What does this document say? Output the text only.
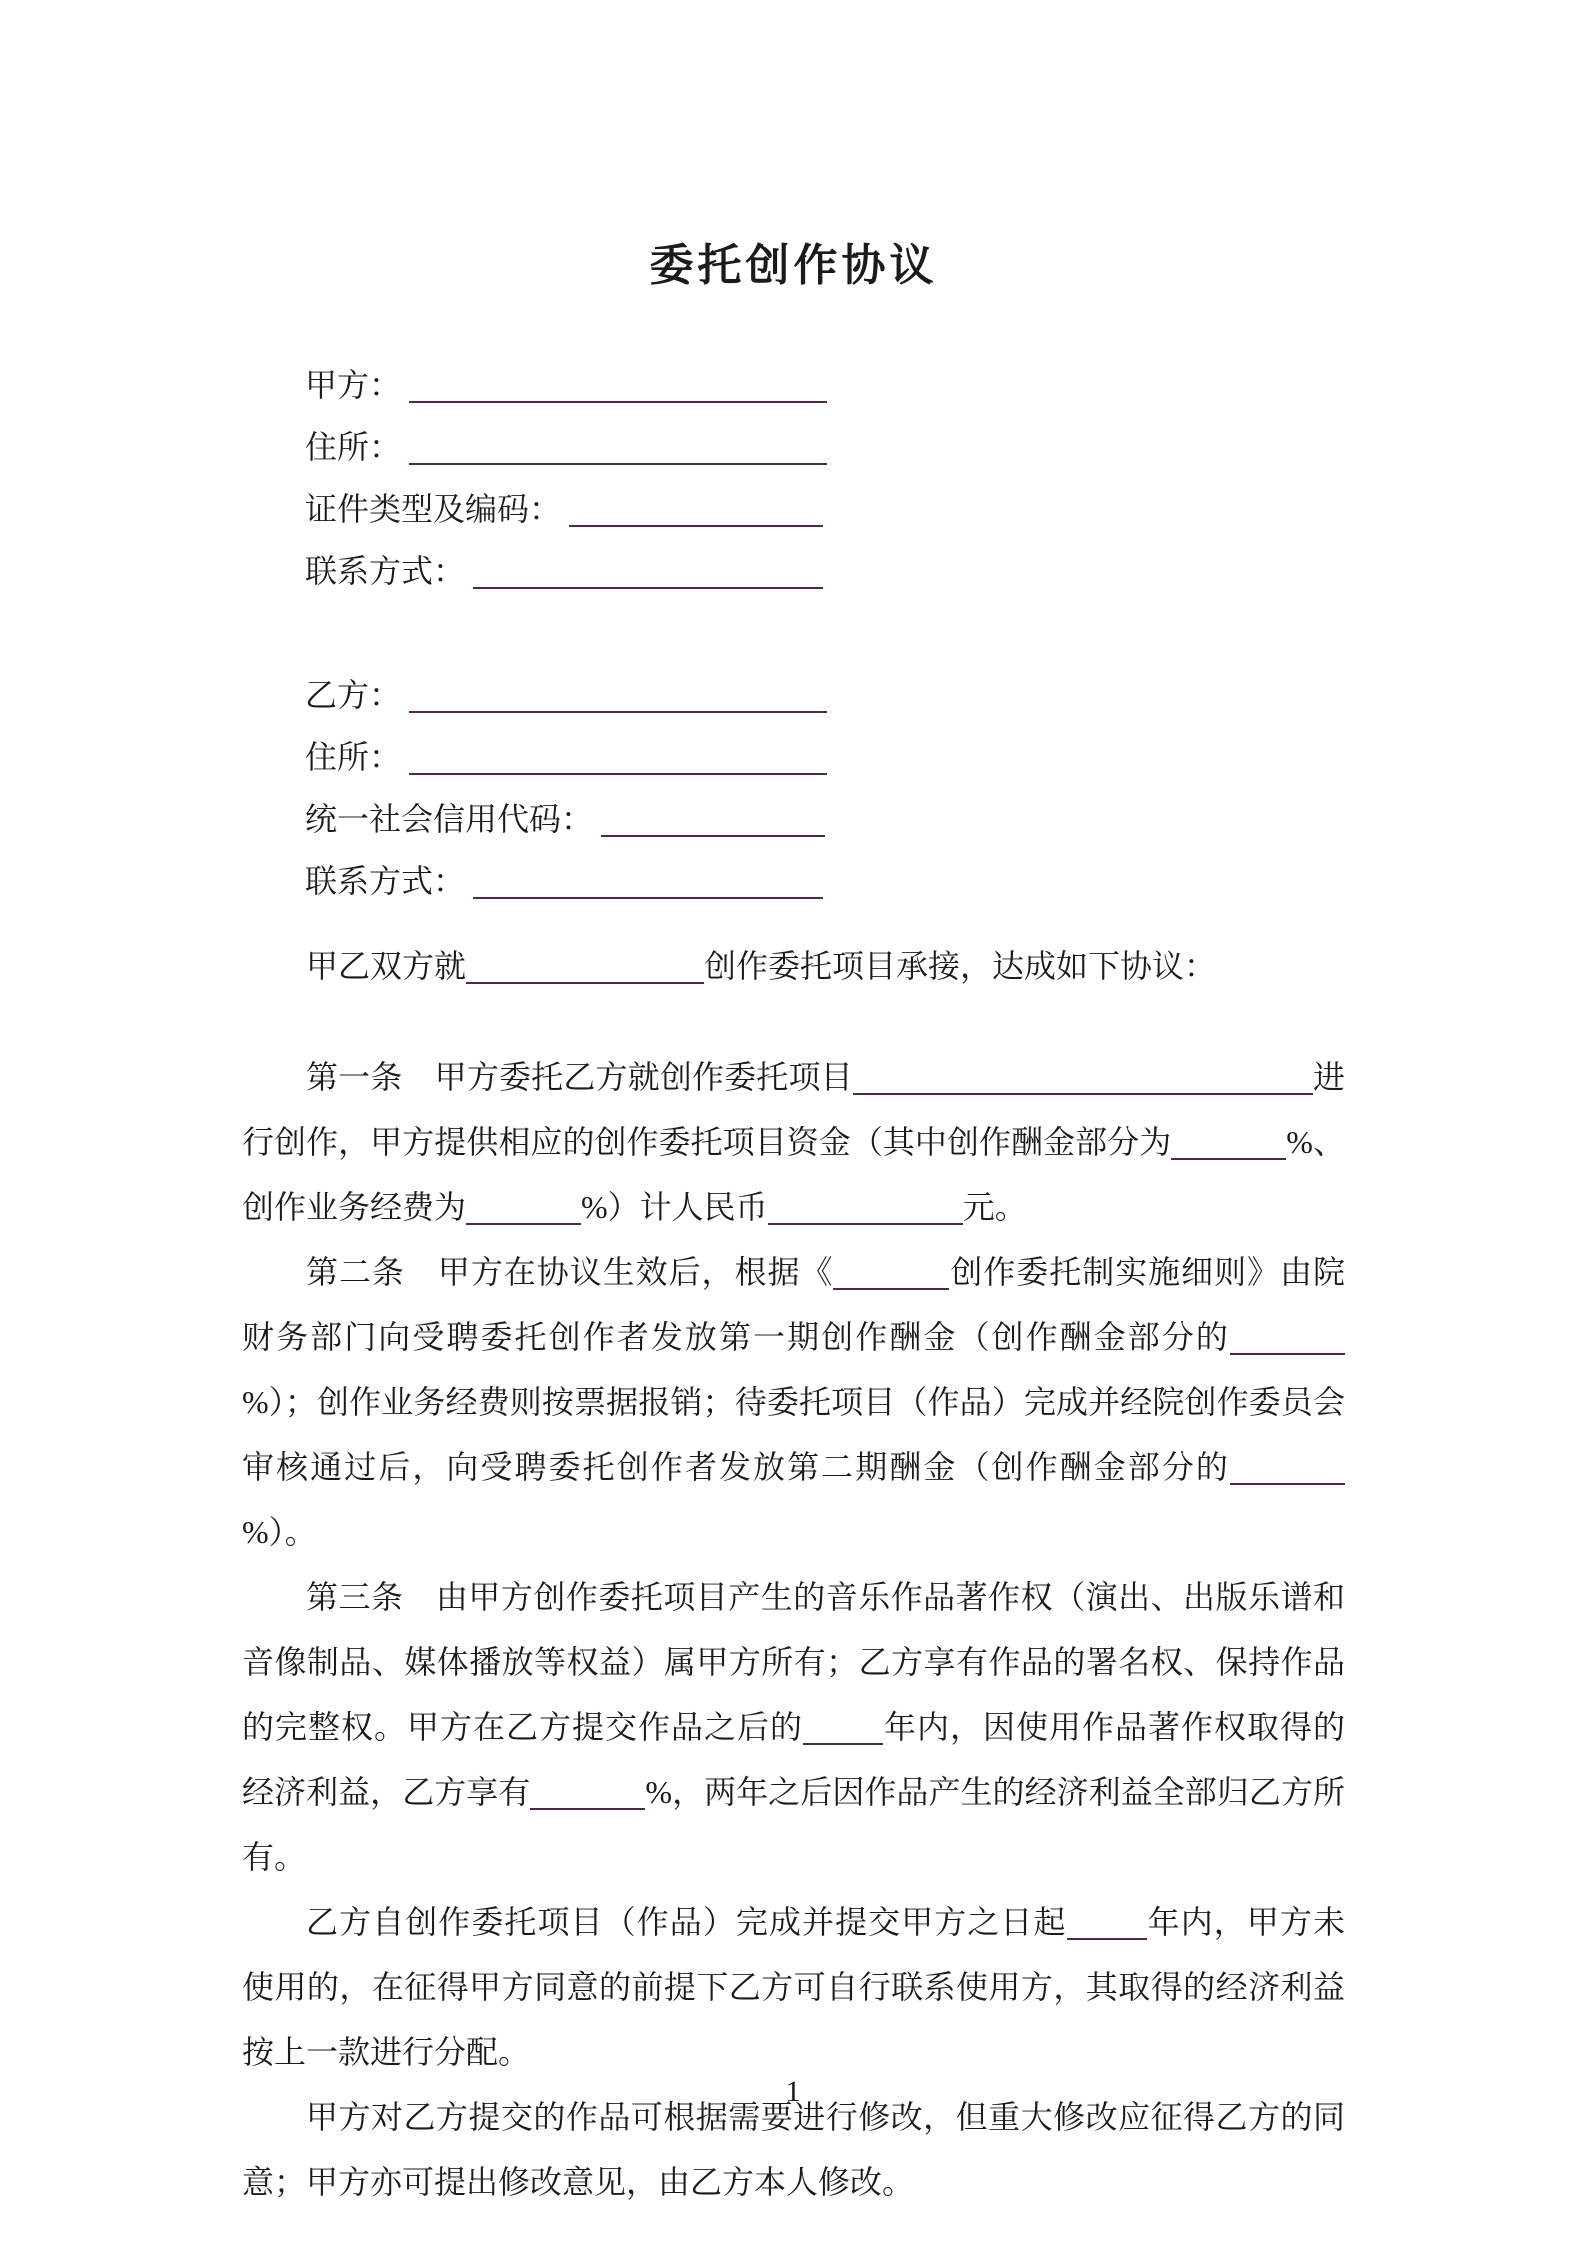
委托创作协议
甲方：
住所：
证件类型及编码：
联系方式：
乙方：
住所：
统一社会信用代码：
联系方式：

甲乙双方就	创作委托项目承接，达成如下协议：

第一条　甲方委托乙方就创作委托项目	进行创作，甲方提供相应的创作委托项目资金（其中创作酬金部分为	%、创作业务经费为	%）计人民币	元。

第二条　甲方在协议生效后，根据《	创作委托制实施细则》由院财务部门向受聘委托创作者发放第一期创作酬金（创作酬金部分的%）；创作业务经费则按票据报销；待委托项目（作品）完成并经院创作委员会审核通过后，向受聘委托创作者发放第二期酬金（创作酬金部分的%）。

第三条　由甲方创作委托项目产生的音乐作品著作权（演出、出版乐谱和音像制品、媒体播放等权益）属甲方所有；乙方享有作品的署名权、保持作品的完整权。甲方在乙方提交作品之后的	年内，因使用作品著作权取得的经济利益，乙方享有	%，两年之后因作品产生的经济利益全部归乙方所有。

乙方自创作委托项目（作品）完成并提交甲方之日起	年内，甲方未使用的，在征得甲方同意的前提下乙方可自行联系使用方，其取得的经济利益按上一款进行分配。

甲方对乙方提交的作品可根据需要进行修改，但重大修改应征得乙方的同意；甲方亦可提出修改意见，由乙方本人修改。

1
